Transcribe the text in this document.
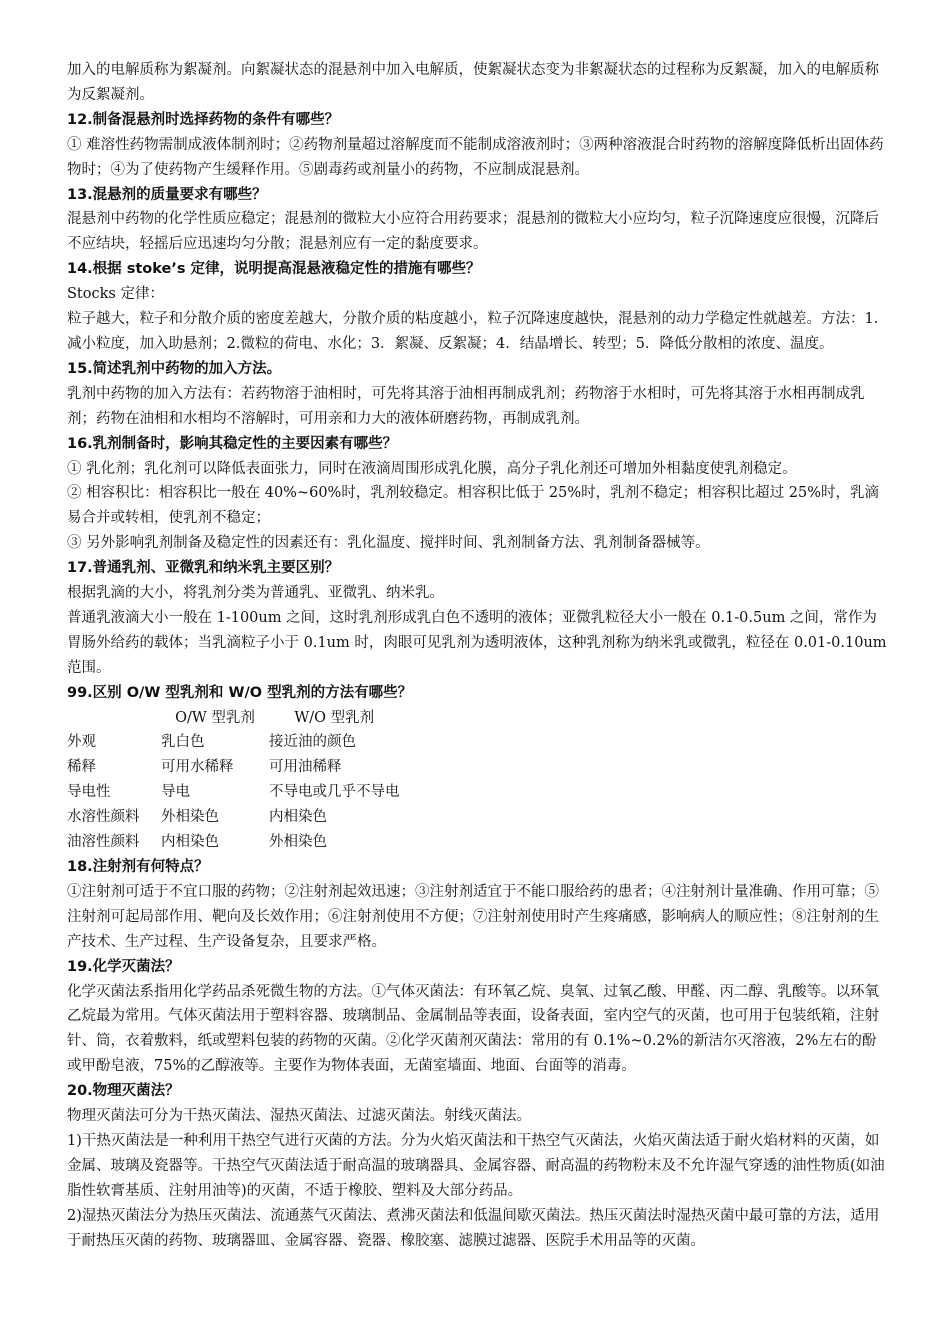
加入的电解质称为絮凝剂。向絮凝状态的混悬剂中加入电解质，使絮凝状态变为非絮凝状态的过程称为反絮凝，加入的电解质称为反絮凝剂。
12.制备混悬剂时选择药物的条件有哪些？
① 难溶性药物需制成液体制剂时；②药物剂量超过溶解度而不能制成溶液剂时；③两种溶液混合时药物的溶解度降低析出固体药物时；④为了使药物产生缓释作用。⑤剧毒药或剂量小的药物，不应制成混悬剂。
13.混悬剂的质量要求有哪些？
混悬剂中药物的化学性质应稳定；混悬剂的微粒大小应符合用药要求；混悬剂的微粒大小应均匀，粒子沉降速度应很慢，沉降后不应结块，轻摇后应迅速均匀分散；混悬剂应有一定的黏度要求。
14.根据 stoke’s 定律，说明提高混悬液稳定性的措施有哪些？
Stocks 定律：
粒子越大，粒子和分散介质的密度差越大，分散介质的粘度越小，粒子沉降速度越快，混悬剂的动力学稳定性就越差。方法：1.减小粒度，加入助悬剂；2.微粒的荷电、水化；3．絮凝、反絮凝；4．结晶增长、转型；5．降低分散相的浓度、温度。
15.简述乳剂中药物的加入方法。
乳剂中药物的加入方法有：若药物溶于油相时，可先将其溶于油相再制成乳剂；药物溶于水相时，可先将其溶于水相再制成乳剂；药物在油相和水相均不溶解时，可用亲和力大的液体研磨药物，再制成乳剂。
16.乳剂制备时，影响其稳定性的主要因素有哪些？
① 乳化剂；乳化剂可以降低表面张力，同时在液滴周围形成乳化膜，高分子乳化剂还可增加外相黏度使乳剂稳定。
② 相容积比：相容积比一般在 40%~60%时，乳剂较稳定。相容积比低于 25%时，乳剂不稳定；相容积比超过 25%时，乳滴易合并或转相，使乳剂不稳定；
③ 另外影响乳剂制备及稳定性的因素还有：乳化温度、搅拌时间、乳剂制备方法、乳剂制备器械等。
17.普通乳剂、亚微乳和纳米乳主要区别？
根据乳滴的大小，将乳剂分类为普通乳、亚微乳、纳米乳。
普通乳液滴大小一般在 1-100um 之间，这时乳剂形成乳白色不透明的液体；亚微乳粒径大小一般在 0.1-0.5um 之间，常作为胃肠外给药的载体；当乳滴粒子小于 0.1um 时，肉眼可见乳剂为透明液体，这种乳剂称为纳米乳或微乳，粒径在 0.01-0.10um 范围。
99.区别 O/W 型乳剂和 W/O 型乳剂的方法有哪些？
	O/W 型乳剂	W/O 型乳剂
外观	乳白色	接近油的颜色
稀释	可用水稀释	可用油稀释
导电性	导电	不导电或几乎不导电
水溶性颜料	外相染色	内相染色
油溶性颜料	内相染色	外相染色
18.注射剂有何特点？
①注射剂可适于不宜口服的药物；②注射剂起效迅速；③注射剂适宜于不能口服给药的患者；④注射剂计量准确、作用可靠；⑤注射剂可起局部作用、靶向及长效作用；⑥注射剂使用不方便；⑦注射剂使用时产生疼痛感，影响病人的顺应性；⑧注射剂的生产技术、生产过程、生产设备复杂，且要求严格。
19.化学灭菌法？
化学灭菌法系指用化学药品杀死微生物的方法。①气体灭菌法：有环氧乙烷、臭氧、过氧乙酸、甲醛、丙二醇、乳酸等。以环氧乙烷最为常用。气体灭菌法用于塑料容器、玻璃制品、金属制品等表面，设备表面，室内空气的灭菌，也可用于包装纸箱，注射针、筒，衣着敷料，纸或塑料包装的药物的灭菌。②化学灭菌剂灭菌法：常用的有 0.1%~0.2%的新洁尔灭溶液，2%左右的酚或甲酚皂液，75%的乙醇液等。主要作为物体表面，无菌室墙面、地面、台面等的消毒。
20.物理灭菌法？
物理灭菌法可分为干热灭菌法、湿热灭菌法、过滤灭菌法。射线灭菌法。
1)干热灭菌法是一种利用干热空气进行灭菌的方法。分为火焰灭菌法和干热空气灭菌法，火焰灭菌法适于耐火焰材料的灭菌，如金属、玻璃及瓷器等。干热空气灭菌法适于耐高温的玻璃器具、金属容器、耐高温的药物粉末及不允许湿气穿透的油性物质(如油脂性软膏基质、注射用油等)的灭菌，不适于橡胶、塑料及大部分药品。
2)湿热灭菌法分为热压灭菌法、流通蒸气灭菌法、煮沸灭菌法和低温间歇灭菌法。热压灭菌法时湿热灭菌中最可靠的方法，适用于耐热压灭菌的药物、玻璃器皿、金属容器、瓷器、橡胶塞、滤膜过滤器、医院手术用品等的灭菌。
